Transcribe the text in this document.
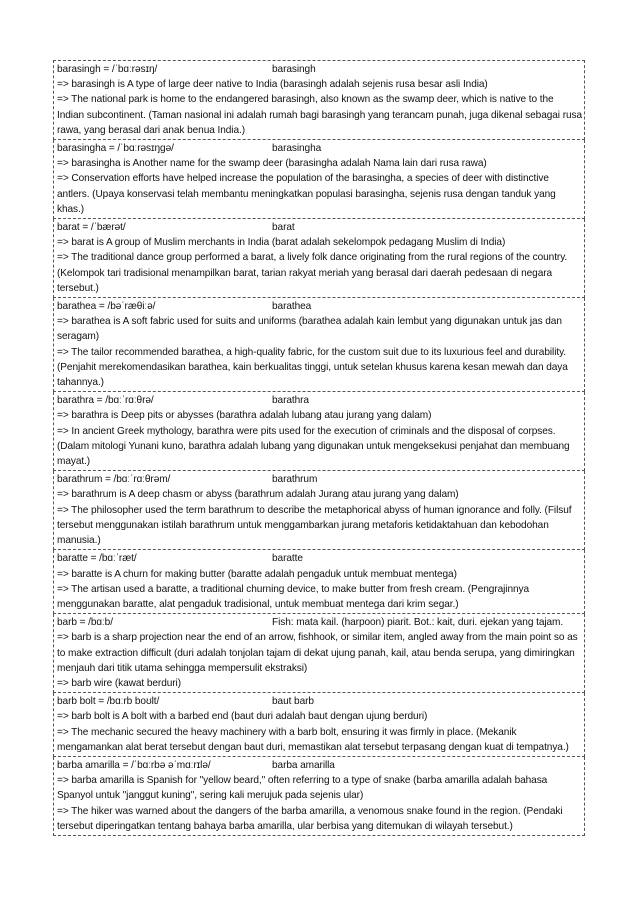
barasingh = /ˈbɑːrəsɪŋ/	barasingh
=> barasingh is A type of large deer native to India (barasingh adalah sejenis rusa besar asli India)
=> The national park is home to the endangered barasingh, also known as the swamp deer, which is native to the Indian subcontinent. (Taman nasional ini adalah rumah bagi barasingh yang terancam punah, juga dikenal sebagai rusa rawa, yang berasal dari anak benua India.)
barasingha = /ˈbɑːrəsɪŋɡə/	barasingha
=> barasingha is Another name for the swamp deer (barasingha adalah Nama lain dari rusa rawa)
=> Conservation efforts have helped increase the population of the barasingha, a species of deer with distinctive antlers. (Upaya konservasi telah membantu meningkatkan populasi barasingha, sejenis rusa dengan tanduk yang khas.)
barat = /ˈbærət/	barat
=> barat is A group of Muslim merchants in India (barat adalah sekelompok pedagang Muslim di India)
=> The traditional dance group performed a barat, a lively folk dance originating from the rural regions of the country. (Kelompok tari tradisional menampilkan barat, tarian rakyat meriah yang berasal dari daerah pedesaan di negara tersebut.)
barathea = /bəˈræθiːə/	barathea
=> barathea is A soft fabric used for suits and uniforms (barathea adalah kain lembut yang digunakan untuk jas dan seragam)
=> The tailor recommended barathea, a high-quality fabric, for the custom suit due to its luxurious feel and durability. (Penjahit merekomendasikan barathea, kain berkualitas tinggi, untuk setelan khusus karena kesan mewah dan daya tahannya.)
barathra = /bɑːˈrɑːθrə/	barathra
=> barathra is Deep pits or abysses (barathra adalah lubang atau jurang yang dalam)
=> In ancient Greek mythology, barathra were pits used for the execution of criminals and the disposal of corpses. (Dalam mitologi Yunani kuno, barathra adalah lubang yang digunakan untuk mengeksekusi penjahat dan membuang mayat.)
barathrum = /bɑːˈrɑːθrəm/	barathrum
=> barathrum is A deep chasm or abyss (barathrum adalah Jurang atau jurang yang dalam)
=> The philosopher used the term barathrum to describe the metaphorical abyss of human ignorance and folly. (Filsuf tersebut menggunakan istilah barathrum untuk menggambarkan jurang metaforis ketidaktahuan dan kebodohan manusia.)
baratte = /bɑːˈræt/	baratte
=> baratte is A churn for making butter (baratte adalah pengaduk untuk membuat mentega)
=> The artisan used a baratte, a traditional churning device, to make butter from fresh cream. (Pengrajinnya menggunakan baratte, alat pengaduk tradisional, untuk membuat mentega dari krim segar.)
barb = /bɑːb/	Fish: mata kail. (harpoon) piarit. Bot.: kait, duri. ejekan yang tajam.
=> barb is a sharp projection near the end of an arrow, fishhook, or similar item, angled away from the main point so as to make extraction difficult (duri adalah tonjolan tajam di dekat ujung panah, kail, atau benda serupa, yang dimiringkan menjauh dari titik utama sehingga mempersulit ekstraksi)
=> barb wire (kawat berduri)
barb bolt = /bɑːrb boʊlt/	baut barb
=> barb bolt is A bolt with a barbed end (baut duri adalah baut dengan ujung berduri)
=> The mechanic secured the heavy machinery with a barb bolt, ensuring it was firmly in place. (Mekanik mengamankan alat berat tersebut dengan baut duri, memastikan alat tersebut terpasang dengan kuat di tempatnya.)
barba amarilla = /ˈbɑːrbə əˈmɑːrɪlə/	barba amarilla
=> barba amarilla is Spanish for "yellow beard," often referring to a type of snake (barba amarilla adalah bahasa Spanyol untuk "janggut kuning", sering kali merujuk pada sejenis ular)
=> The hiker was warned about the dangers of the barba amarilla, a venomous snake found in the region. (Pendaki tersebut diperingatkan tentang bahaya barba amarilla, ular berbisa yang ditemukan di wilayah tersebut.)
